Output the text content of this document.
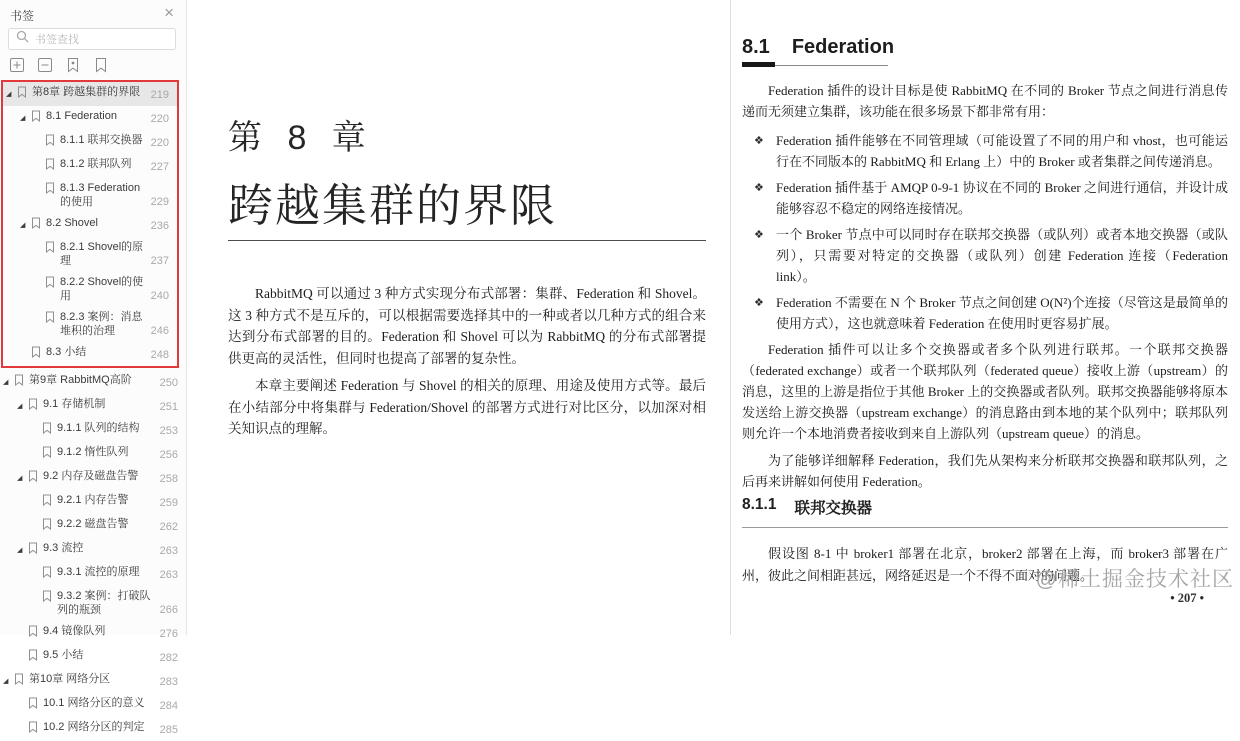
书签	×
书签查找
◢	第8章 跨越集群的界限 219
◢	8.1 Federation	220
8.1.1 联邦交换器 220
8.1.2 联邦队列	227
8.1.3 Federation的使用	229
◢	8.2 Shovel	236
8.2.1 Shovel的原理	237
8.2.2 Shovel的使用	240
8.2.3 案例：消息堆积的治理	246
8.3 小结	248
◢	第9章 RabbitMQ高阶	250
◢	9.1 存储机制	251
9.1.1 队列的结构	253
9.1.2 惰性队列	256
◢	9.2 内存及磁盘告警	258
9.2.1 内存告警	259
9.2.2 磁盘告警	262
◢	9.3 流控	263
9.3.1 流控的原理	263
9.3.2 案例：打破队列的瓶颈	266
9.4 镜像队列	276
9.5 小结	282
◢	第10章 网络分区	283
10.1 网络分区的意义	284
10.2 网络分区的判定	285
第 8 章
跨越集群的界限

RabbitMQ 可以通过 3 种方式实现分布式部署：集群、Federation 和 Shovel。这 3 种方式不是互斥的，可以根据需要选择其中的一种或者以几种方式的组合来达到分布式部署的目的。Federation 和 Shovel 可以为 RabbitMQ 的分布式部署提供更高的灵活性，但同时也提高了部署的复杂性。

本章主要阐述 Federation 与 Shovel 的相关的原理、用途及使用方式等。最后在小结部分中将集群与 Federation/Shovel 的部署方式进行对比区分，以加深对相关知识点的理解。

8.1 Federation

Federation 插件的设计目标是使 RabbitMQ 在不同的 Broker 节点之间进行消息传递而无须建立集群，该功能在很多场景下都非常有用：

❖ Federation 插件能够在不同管理域（可能设置了不同的用户和 vhost，也可能运行在不同版本的 RabbitMQ 和 Erlang 上）中的 Broker 或者集群之间传递消息。
❖ Federation 插件基于 AMQP 0-9-1 协议在不同的 Broker 之间进行通信，并设计成能够容忍不稳定的网络连接情况。
❖ 一个 Broker 节点中可以同时存在联邦交换器（或队列）或者本地交换器（或队列），只需要对特定的交换器（或队列）创建 Federation 连接（Federation link）。
❖ Federation 不需要在 N 个 Broker 节点之间创建 O(N²)个连接（尽管这是最简单的使用方式），这也就意味着 Federation 在使用时更容易扩展。

Federation 插件可以让多个交换器或者多个队列进行联邦。一个联邦交换器（federated exchange）或者一个联邦队列（federated queue）接收上游（upstream）的消息，这里的上游是指位于其他 Broker 上的交换器或者队列。联邦交换器能够将原本发送给上游交换器（upstream exchange）的消息路由到本地的某个队列中；联邦队列则允许一个本地消费者接收到来自上游队列（upstream queue）的消息。

为了能够详细解释 Federation，我们先从架构来分析联邦交换器和联邦队列，之后再来讲解如何使用 Federation。

8.1.1 联邦交换器

假设图 8-1 中 broker1 部署在北京，broker2 部署在上海，而 broker3 部署在广州，彼此之间相距甚远，网络延迟是一个不得不面对的问题。

@稀土掘金技术社区
• 207 •
